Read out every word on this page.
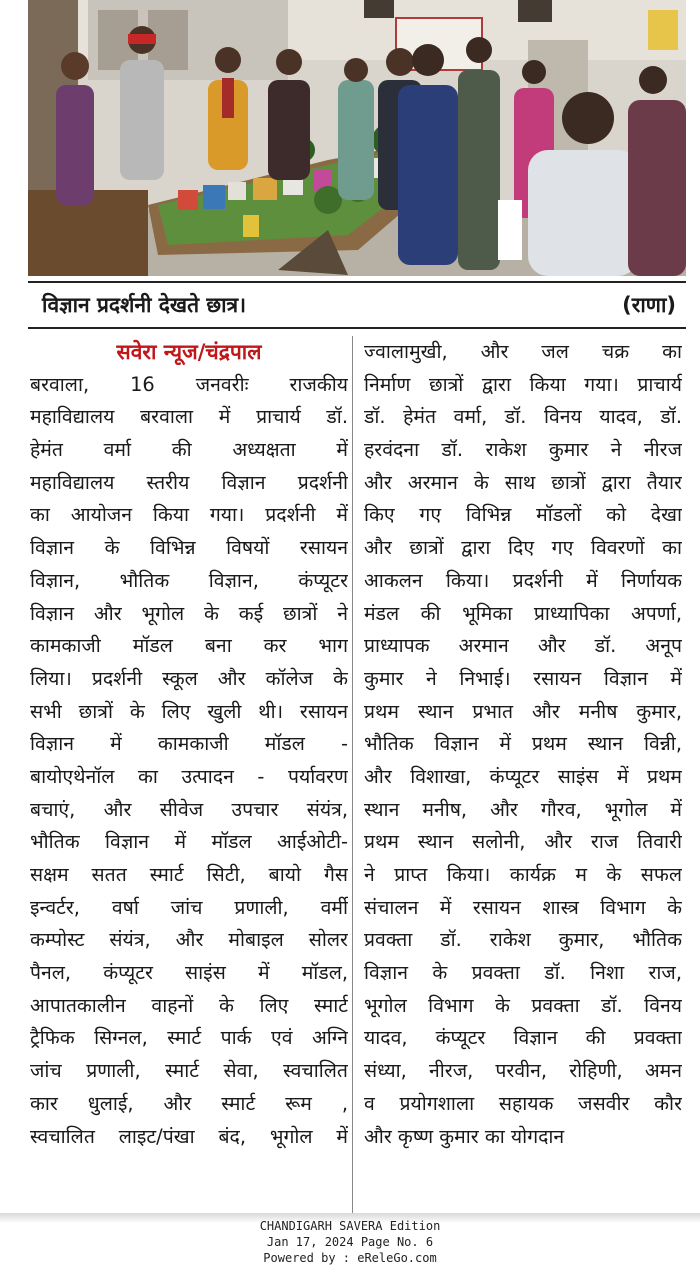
विज्ञान प्रदर्शनी देखते छात्र।	(राणा)
सवेरा न्यूज/चंद्रपाल
बरवाला, 16 जनवरीः राजकीय
महाविद्यालय बरवाला में प्राचार्य डॉ.
हेमंत वर्मा की अध्यक्षता में
महाविद्यालय स्तरीय विज्ञान प्रदर्शनी
का आयोजन किया गया। प्रदर्शनी में
विज्ञान के विभिन्न विषयों रसायन
विज्ञान, भौतिक विज्ञान, कंप्यूटर
विज्ञान और भूगोल के कई छात्रों ने
कामकाजी मॉडल बना कर भाग
लिया। प्रदर्शनी स्कूल और कॉलेज के
सभी छात्रों के लिए खुली थी। रसायन
विज्ञान में कामकाजी मॉडल -
बायोएथेनॉल का उत्पादन - पर्यावरण
बचाएं, और सीवेज उपचार संयंत्र,
भौतिक विज्ञान में मॉडल आईओटी-
सक्षम सतत स्मार्ट सिटी, बायो गैस
इन्वर्टर, वर्षा जांच प्रणाली, वर्मी
कम्पोस्ट संयंत्र, और मोबाइल सोलर
पैनल, कंप्यूटर साइंस में मॉडल,
आपातकालीन वाहनों के लिए स्मार्ट
ट्रैफिक सिग्नल, स्मार्ट पार्क एवं अग्नि
जांच प्रणाली, स्मार्ट सेवा, स्वचालित
कार धुलाई, और स्मार्ट रूम ,
स्वचालित लाइट/पंखा बंद, भूगोल में
ज्वालामुखी, और जल चक्र का
निर्माण छात्रों द्वारा किया गया। प्राचार्य
डॉ. हेमंत वर्मा, डॉ. विनय यादव, डॉ.
हरवंदना डॉ. राकेश कुमार ने नीरज
और अरमान के साथ छात्रों द्वारा तैयार
किए गए विभिन्न मॉडलों को देखा
और छात्रों द्वारा दिए गए विवरणों का
आकलन किया। प्रदर्शनी में निर्णायक
मंडल की भूमिका प्राध्यापिका अपर्णा,
प्राध्यापक अरमान और डॉ. अनूप
कुमार ने निभाई। रसायन विज्ञान में
प्रथम स्थान प्रभात और मनीष कुमार,
भौतिक विज्ञान में प्रथम स्थान विन्नी,
और विशाखा, कंप्यूटर साइंस में प्रथम
स्थान मनीष, और गौरव, भूगोल में
प्रथम स्थान सलोनी, और राज तिवारी
ने प्राप्त किया। कार्यक्र म के सफल
संचालन में रसायन शास्त्र विभाग के
प्रवक्ता डॉ. राकेश कुमार, भौतिक
विज्ञान के प्रवक्ता डॉ. निशा राज,
भूगोल विभाग के प्रवक्ता डॉ. विनय
यादव, कंप्यूटर विज्ञान की प्रवक्ता
संध्या, नीरज, परवीन, रोहिणी, अमन
व प्रयोगशाला सहायक जसवीर कौर
और कृष्ण कुमार का योगदान
CHANDIGARH SAVERA Edition
Jan 17, 2024 Page No. 6
Powered by : eReleGo.com
